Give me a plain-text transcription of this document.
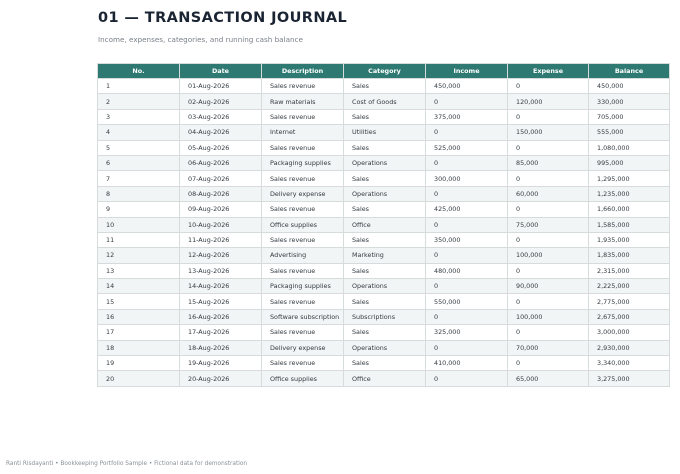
01 — TRANSACTION JOURNAL
Income, expenses, categories, and running cash balance
No.	Date	Description	Category	Income	Expense	Balance
1	01-Aug-2026	Sales revenue	Sales	450,000	0	450,000
2	02-Aug-2026	Raw materials	Cost of Goods	0	120,000	330,000
3	03-Aug-2026	Sales revenue	Sales	375,000	0	705,000
4	04-Aug-2026	Internet	Utilities	0	150,000	555,000
5	05-Aug-2026	Sales revenue	Sales	525,000	0	1,080,000
6	06-Aug-2026	Packaging supplies	Operations	0	85,000	995,000
7	07-Aug-2026	Sales revenue	Sales	300,000	0	1,295,000
8	08-Aug-2026	Delivery expense	Operations	0	60,000	1,235,000
9	09-Aug-2026	Sales revenue	Sales	425,000	0	1,660,000
10	10-Aug-2026	Office supplies	Office	0	75,000	1,585,000
11	11-Aug-2026	Sales revenue	Sales	350,000	0	1,935,000
12	12-Aug-2026	Advertising	Marketing	0	100,000	1,835,000
13	13-Aug-2026	Sales revenue	Sales	480,000	0	2,315,000
14	14-Aug-2026	Packaging supplies	Operations	0	90,000	2,225,000
15	15-Aug-2026	Sales revenue	Sales	550,000	0	2,775,000
16	16-Aug-2026	Software subscription	Subscriptions	0	100,000	2,675,000
17	17-Aug-2026	Sales revenue	Sales	325,000	0	3,000,000
18	18-Aug-2026	Delivery expense	Operations	0	70,000	2,930,000
19	19-Aug-2026	Sales revenue	Sales	410,000	0	3,340,000
20	20-Aug-2026	Office supplies	Office	0	65,000	3,275,000
Ranti Risdayanti • Bookkeeping Portfolio Sample • Fictional data for demonstration
